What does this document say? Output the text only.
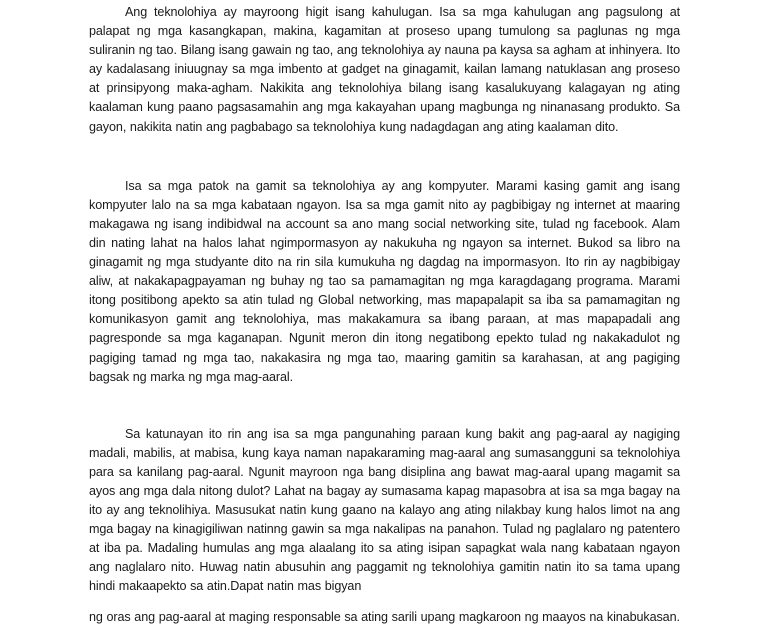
Ang teknolohiya ay mayroong higit isang kahulugan. Isa sa mga kahulugan ang pagsulong at palapat ng mga kasangkapan, makina, kagamitan at proseso upang tumulong sa paglunas ng mga suliranin ng tao. Bilang isang gawain ng tao, ang teknolohiya ay nauna pa kaysa sa agham at inhinyera. Ito ay kadalasang iniuugnay sa mga imbento at gadget na ginagamit, kailan lamang natuklasan ang proseso at prinsipyong maka-agham. Nakikita ang teknolohiya bilang isang kasalukuyang kalagayan ng ating kaalaman kung paano pagsasamahin ang mga kakayahan upang magbunga ng ninanasang produkto. Sa gayon, nakikita natin ang pagbabago sa teknolohiya kung nadagdagan ang ating kaalaman dito.

Isa sa mga patok na gamit sa teknolohiya ay ang kompyuter. Marami kasing gamit ang isang kompyuter lalo na sa mga kabataan ngayon. Isa sa mga gamit nito ay pagbibigay ng internet at maaring makagawa ng isang indibidwal na account sa ano mang social networking site, tulad ng facebook. Alam din nating lahat na halos lahat ngimpormasyon ay nakukuha ng ngayon sa internet. Bukod sa libro na ginagamit ng mga studyante dito na rin sila kumukuha ng dagdag na impormasyon. Ito rin ay nagbibigay aliw, at nakakapagpayaman ng buhay ng tao sa pamamagitan ng mga karagdagang programa. Marami itong positibong apekto sa atin tulad ng Global networking, mas mapapalapit sa iba sa pamamagitan ng komunikasyon gamit ang teknolohiya, mas makakamura sa ibang paraan, at mas mapapadali ang pagresponde sa mga kaganapan. Ngunit meron din itong negatibong epekto tulad ng nakakadulot ng pagiging tamad ng mga tao, nakakasira ng mga tao, maaring gamitin sa karahasan, at ang pagiging bagsak ng marka ng mga mag-aaral.

Sa katunayan ito rin ang isa sa mga pangunahing paraan kung bakit ang pag-aaral ay nagiging madali, mabilis, at mabisa, kung kaya naman napakaraming mag-aaral ang sumasangguni sa teknolohiya para sa kanilang pag-aaral. Ngunit mayroon nga bang disiplina ang bawat mag-aaral upang magamit sa ayos ang mga dala nitong dulot? Lahat na bagay ay sumasama kapag mapasobra at isa sa mga bagay na ito ay ang teknolihiya. Masusukat natin kung gaano na kalayo ang ating nilakbay kung halos limot na ang mga bagay na kinagigiliwan natinng gawin sa mga nakalipas na panahon. Tulad ng paglalaro ng patentero at iba pa. Madaling humulas ang mga alaalang ito sa ating isipan sapagkat wala nang kabataan ngayon ang naglalaro nito. Huwag natin abusuhin ang paggamit ng teknolohiya gamitin natin ito sa tama upang hindi makaapekto sa atin.Dapat natin mas bigyan

ng oras ang pag-aaral at maging responsable sa ating sarili upang magkaroon ng maayos na kinabukasan.
